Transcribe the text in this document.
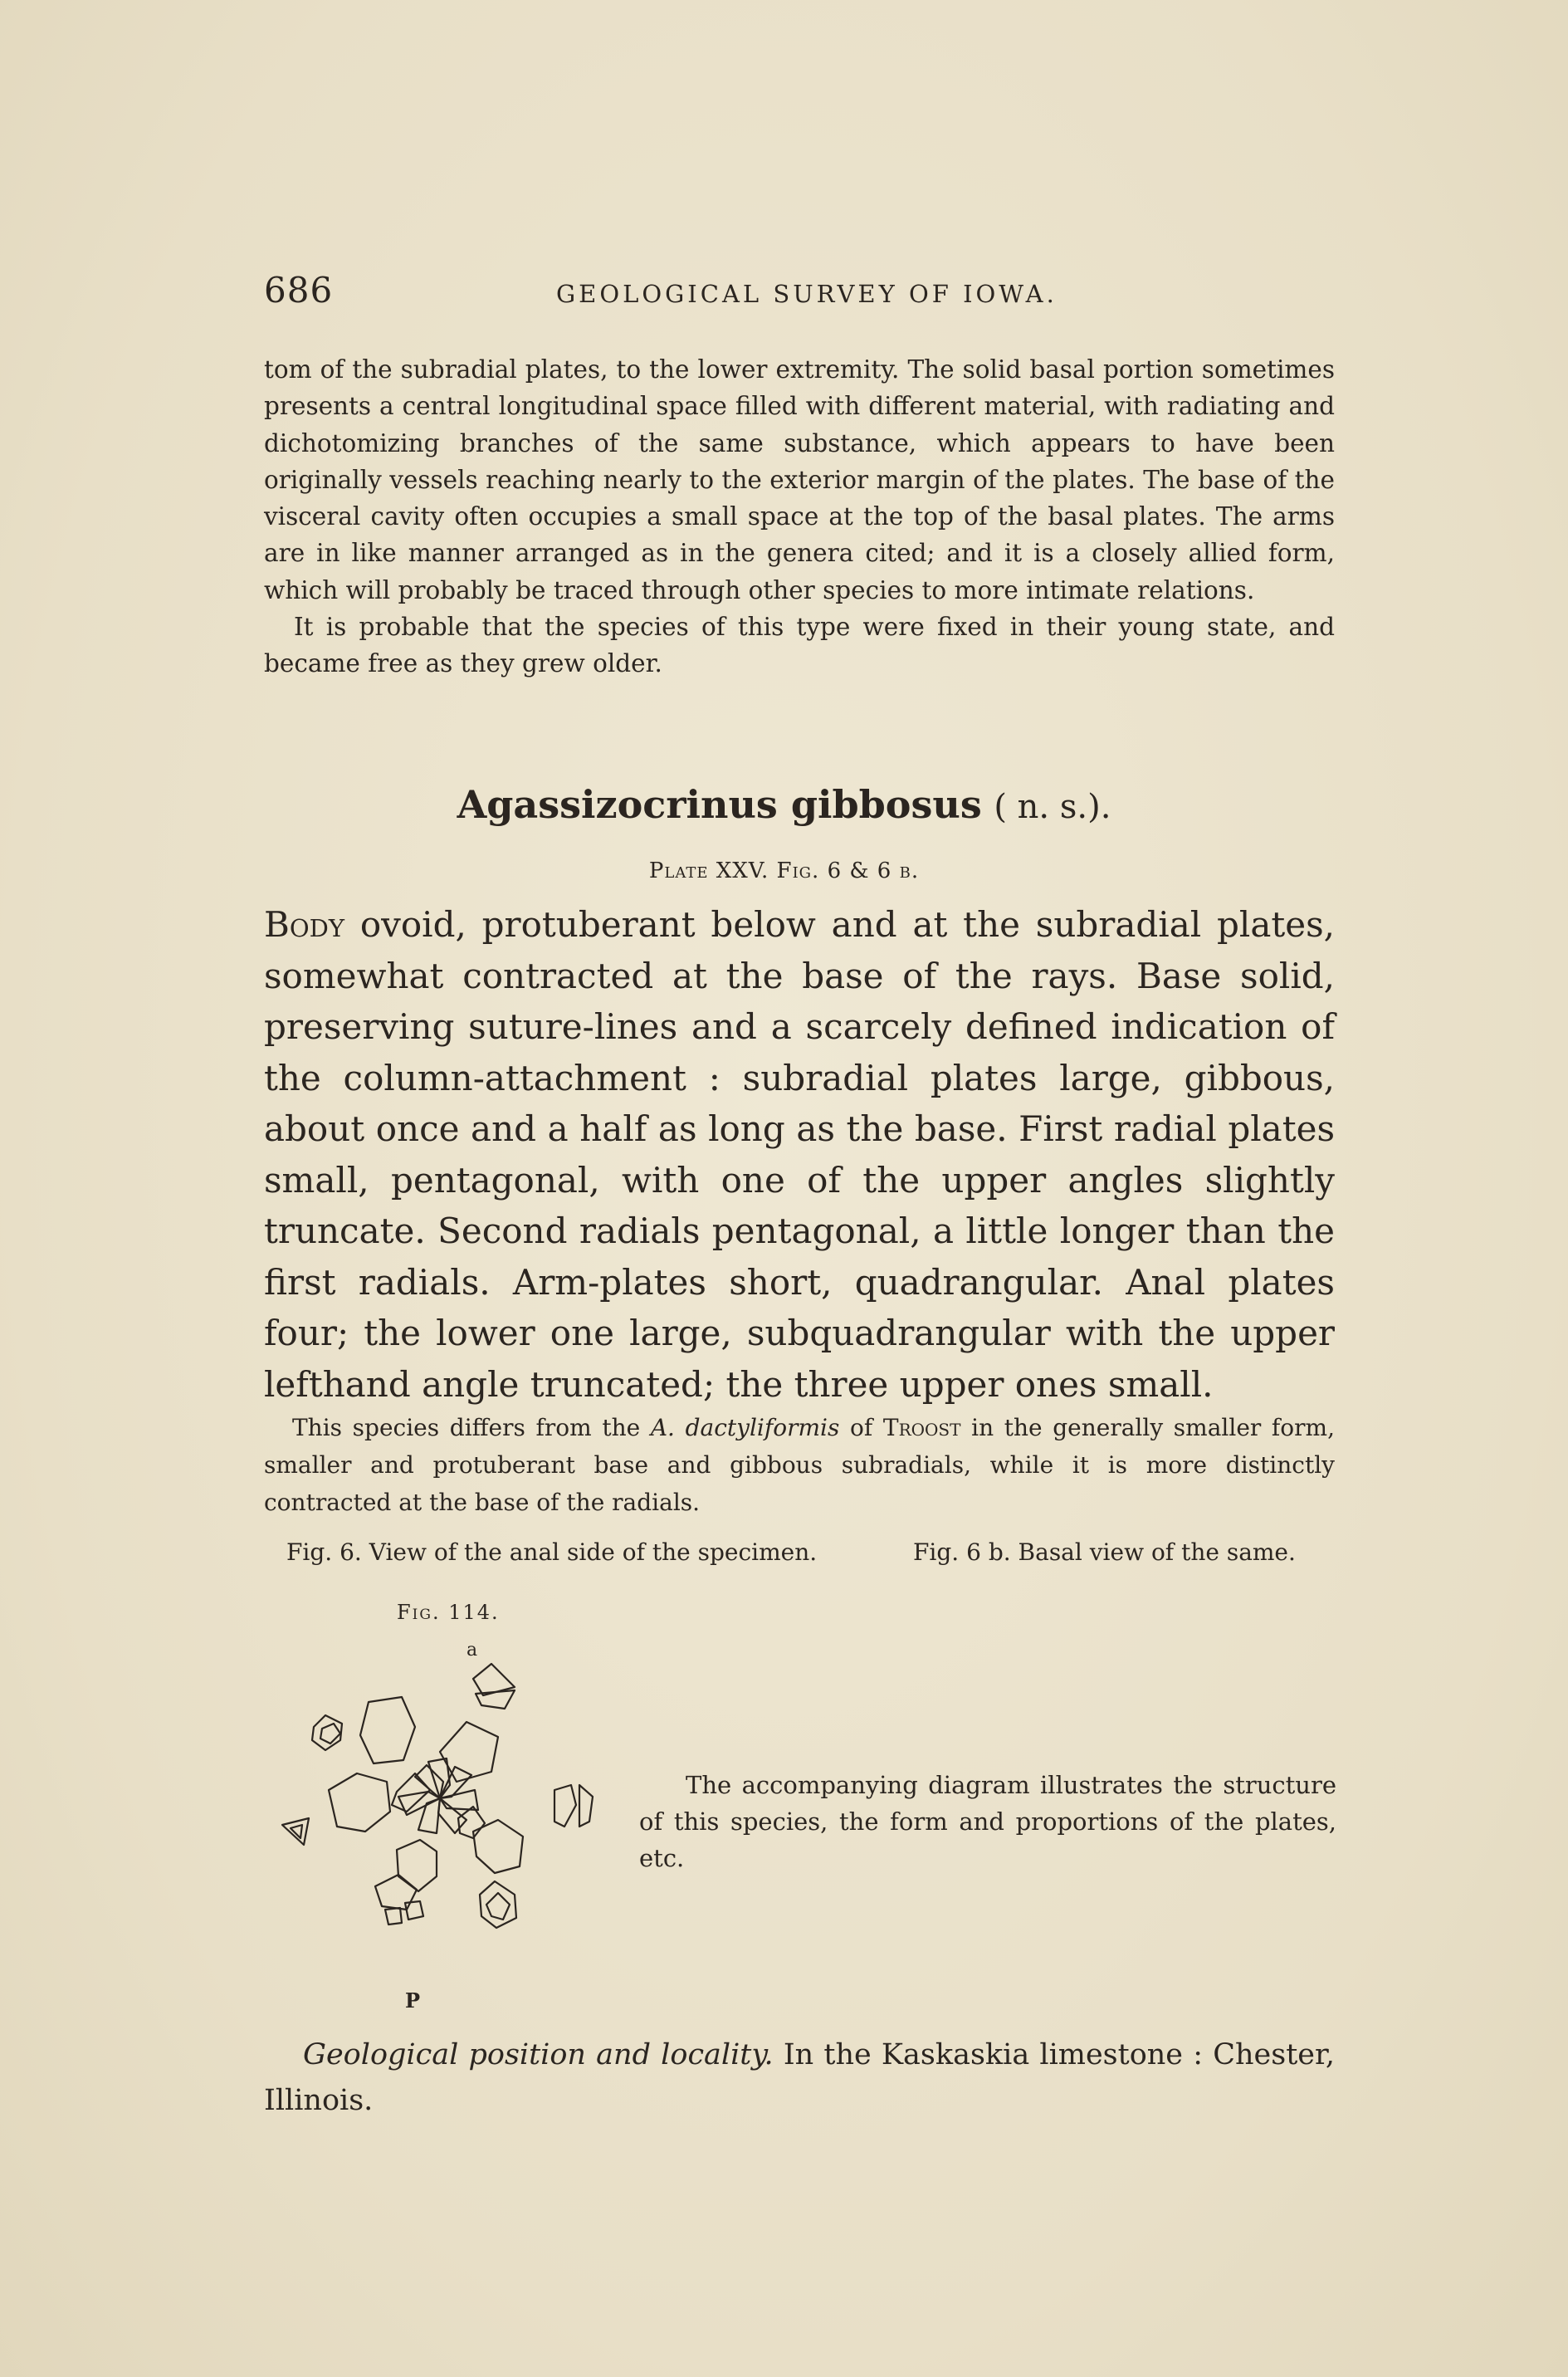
686	GEOLOGICAL SURVEY OF IOWA.

tom of the subradial plates, to the lower extremity. The solid basal portion sometimes presents a central longitudinal space filled with different material, with radiating and dichotomizing branches of the same substance, which appears to have been originally vessels reaching nearly to the exterior margin of the plates. The base of the visceral cavity often occupies a small space at the top of the basal plates. The arms are in like manner arranged as in the genera cited; and it is a closely allied form, which will probably be traced through other species to more intimate relations.

It is probable that the species of this type were fixed in their young state, and became free as they grew older.

Agassizocrinus gibbosus ( n. s.).
Plate XXV. Fig. 6 & 6 b.

Body ovoid, protuberant below and at the subradial plates, somewhat contracted at the base of the rays. Base solid, preserving suture-lines and a scarcely defined indication of the column-attachment : subradial plates large, gibbous, about once and a half as long as the base. First radial plates small, pentagonal, with one of the upper angles slightly truncate. Second radials pentagonal, a little longer than the first radials. Arm-plates short, quadrangular. Anal plates four; the lower one large, subquadrangular with the upper lefthand angle truncated; the three upper ones small.

This species differs from the A. dactyliformis of Troost in the generally smaller form, smaller and protuberant base and gibbous subradials, while it is more distinctly contracted at the base of the radials.

Fig. 6. View of the anal side of the specimen.	Fig. 6 b. Basal view of the same.
Fig. 114.
a
P

The accompanying diagram illustrates the structure of this species, the form and proportions of the plates, etc.

Geological position and locality. In the Kaskaskia limestone : Chester, Illinois.
